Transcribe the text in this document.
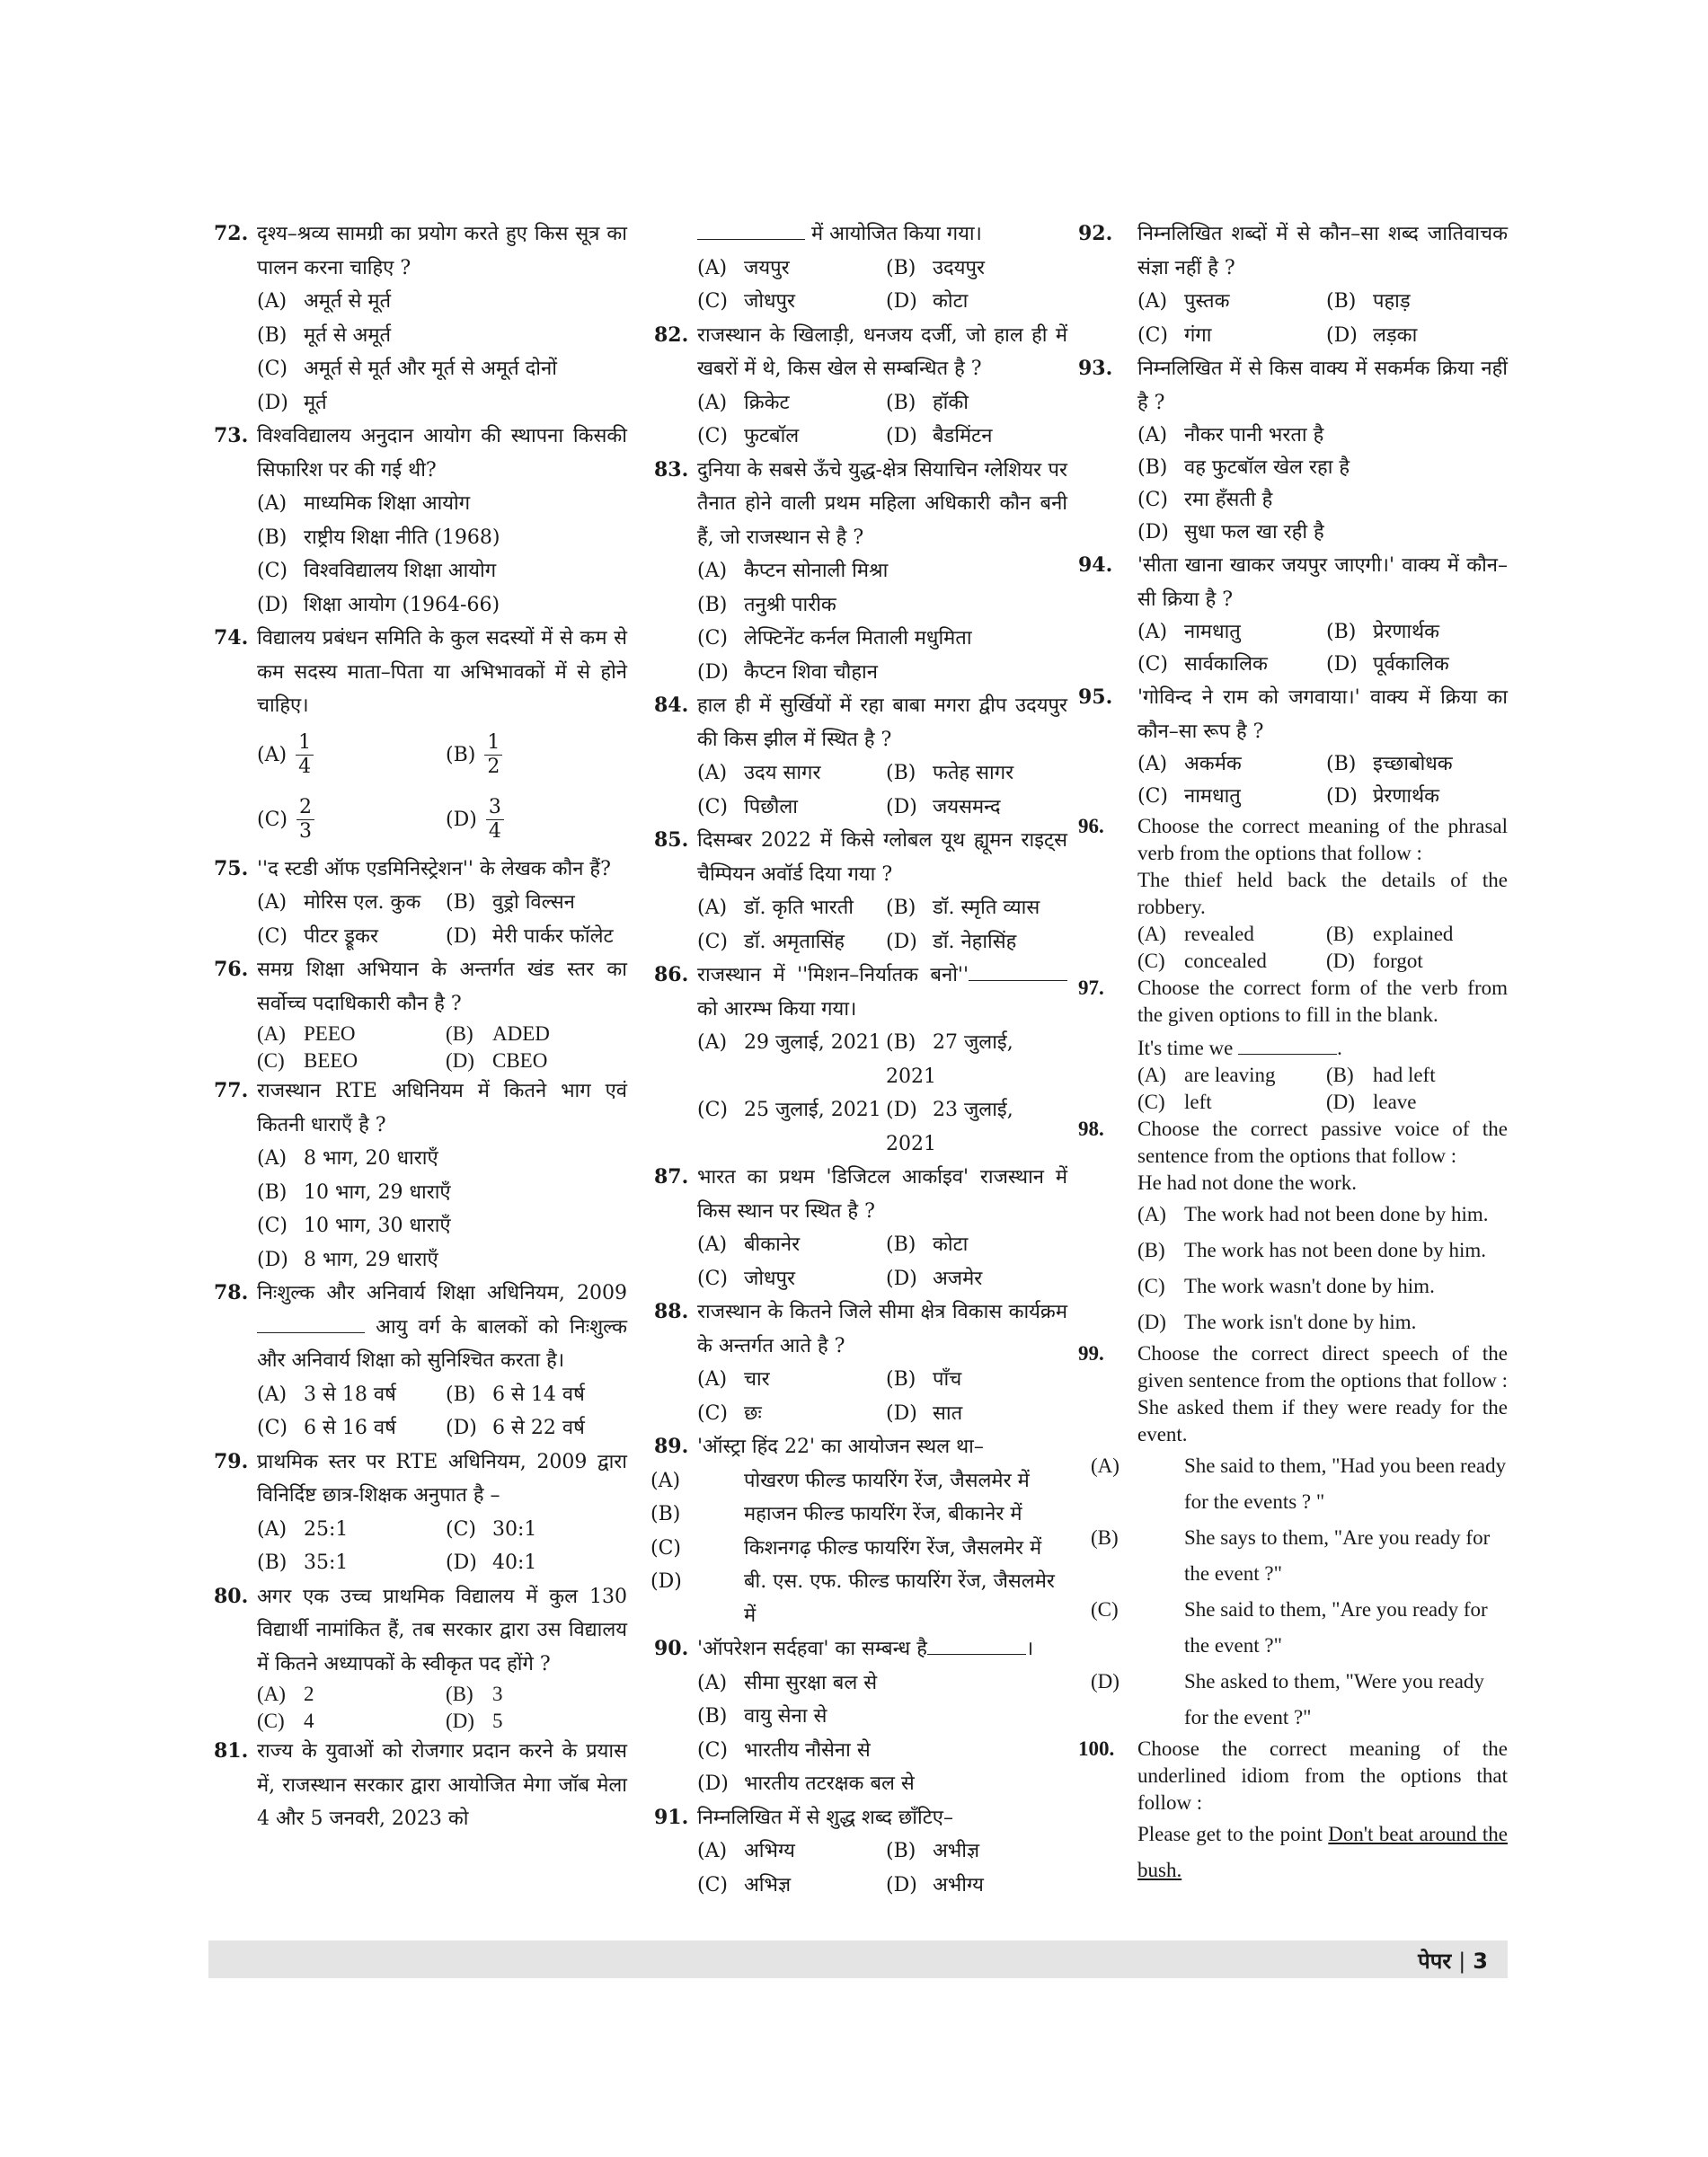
72. दृश्य–श्रव्य सामग्री का प्रयोग करते हुए किस सूत्र का पालन करना चाहिए ?
(A) अमूर्त से मूर्त
(B) मूर्त से अमूर्त
(C) अमूर्त से मूर्त और मूर्त से अमूर्त दोनों
(D) मूर्त
73. विश्वविद्यालय अनुदान आयोग की स्थापना किसकी सिफारिश पर की गई थी?
(A) माध्यमिक शिक्षा आयोग
(B) राष्ट्रीय शिक्षा नीति (1968)
(C) विश्वविद्यालय शिक्षा आयोग
(D) शिक्षा आयोग (1964-66)
74. विद्यालय प्रबंधन समिति के कुल सदस्यों में से कम से कम सदस्य माता–पिता या अभिभावकों में से होने चाहिए।
$(A) \frac{1}{4}$	$(B) \frac{1}{2}$
$(C) \frac{2}{3}$	$(D) \frac{3}{4}$
75. ''द स्टडी ऑफ एडमिनिस्ट्रेशन'' के लेखक कौन हैं?
(A) मोरिस एल. कुक	(B) वुड्रो विल्सन
(C) पीटर ड्रूकर	(D) मेरी पार्कर फॉलेट
76. समग्र शिक्षा अभियान के अन्तर्गत खंड स्तर का सर्वोच्च पदाधिकारी कौन है ?
(A) PEEO	(B) ADED
(C) BEEO	(D) CBEO
77. राजस्थान RTE अधिनियम में कितने भाग एवं कितनी धाराएँ है ?
(A) 8 भाग, 20 धाराएँ
(B) 10 भाग, 29 धाराएँ
(C) 10 भाग, 30 धाराएँ
(D) 8 भाग, 29 धाराएँ
78. निःशुल्क और अनिवार्य शिक्षा अधिनियम, 2009  आयु वर्ग के बालकों को निःशुल्क और अनिवार्य शिक्षा को सुनिश्चित करता है।
(A) 3 से 18 वर्ष	(B) 6 से 14 वर्ष
(C) 6 से 16 वर्ष	(D) 6 से 22 वर्ष
79. प्राथमिक स्तर पर RTE अधिनियम, 2009 द्वारा विनिर्दिष्ट छात्र-शिक्षक अनुपात है –
(A) 25:1	(C) 30:1
(B) 35:1	(D) 40:1
80. अगर एक उच्च प्राथमिक विद्यालय में कुल 130 विद्यार्थी नामांकित हैं, तब सरकार द्वारा उस विद्यालय में कितने अध्यापकों के स्वीकृत पद होंगे ?
(A) 2	(B) 3
(C) 4	(D) 5
81. राज्य के युवाओं को रोजगार प्रदान करने के प्रयास में, राजस्थान सरकार द्वारा आयोजित मेगा जॉब मेला 4 और 5 जनवरी, 2023 को
में आयोजित किया गया।
(A) जयपुर	(B) उदयपुर
(C) जोधपुर	(D) कोटा
82. राजस्थान के खिलाड़ी, धनजय दर्जी, जो हाल ही में खबरों में थे, किस खेल से सम्बन्धित है ?
(A) क्रिकेट	(B) हॉकी
(C) फुटबॉल	(D) बैडमिंटन
83. दुनिया के सबसे ऊँचे युद्ध-क्षेत्र सियाचिन ग्लेशियर पर तैनात होने वाली प्रथम महिला अधिकारी कौन बनी हैं, जो राजस्थान से है ?
(A) कैप्टन सोनाली मिश्रा
(B) तनुश्री पारीक
(C) लेफ्टिनेंट कर्नल मिताली मधुमिता
(D) कैप्टन शिवा चौहान
84. हाल ही में सुर्खियों में रहा बाबा मगरा द्वीप उदयपुर की किस झील में स्थित है ?
(A) उदय सागर	(B) फतेह सागर
(C) पिछौला	(D) जयसमन्द
85. दिसम्बर 2022 में किसे ग्लोबल यूथ ह्यूमन राइट्स चैम्पियन अवॉर्ड दिया गया ?
(A) डॉ. कृति भारती	(B) डॉ. स्मृति व्यास
(C) डॉ. अमृतासिंह	(D) डॉ. नेहासिंह
86. राजस्थान में ''मिशन–निर्यातक बनो'' को आरम्भ किया गया।
(A) 29 जुलाई, 2021 (B) 27 जुलाई, 2021
(C) 25 जुलाई, 2021 (D) 23 जुलाई, 2021
87. भारत का प्रथम 'डिजिटल आर्काइव' राजस्थान में किस स्थान पर स्थित है ?
(A) बीकानेर	(B) कोटा
(C) जोधपुर	(D) अजमेर
88. राजस्थान के कितने जिले सीमा क्षेत्र विकास कार्यक्रम के अन्तर्गत आते है ?
(A) चार	(B) पाँच
(C) छः	(D) सात
89. 'ऑस्ट्रा हिंद 22' का आयोजन स्थल था–
(A)	पोखरण फील्ड फायरिंग रेंज, जैसलमेर में
(B)	महाजन फील्ड फायरिंग रेंज, बीकानेर में
(C)	किशनगढ़ फील्ड फायरिंग रेंज, जैसलमेर में
(D)	बी. एस. एफ. फील्ड फायरिंग रेंज, जैसलमेर में
90. 'ऑपरेशन सर्दहवा' का सम्बन्ध है	।
(A) सीमा सुरक्षा बल से
(B) वायु सेना से
(C) भारतीय नौसेना से
(D) भारतीय तटरक्षक बल से
91. निम्नलिखित में से शुद्ध शब्द छाँटिए–
(A) अभिग्य	(B) अभीज्ञ
(C) अभिज्ञ	(D) अभीग्य
92.	निम्नलिखित शब्दों में से कौन–सा शब्द जातिवाचक संज्ञा नहीं है ?
(A) पुस्तक	(B) पहाड़
(C) गंगा	(D) लड़का
93.	निम्नलिखित में से किस वाक्य में सकर्मक क्रिया नहीं है ?
(A) नौकर पानी भरता है
(B) वह फुटबॉल खेल रहा है
(C) रमा हँसती है
(D) सुधा फल खा रही है
94.	'सीता खाना खाकर जयपुर जाएगी।' वाक्य में कौन–सी क्रिया है ?
(A) नामधातु	(B) प्रेरणार्थक
(C) सार्वकालिक	(D) पूर्वकालिक
95.	'गोविन्द ने राम को जगवाया।' वाक्य में क्रिया का कौन–सा रूप है ?
(A) अकर्मक	(B) इच्छाबोधक
(C) नामधातु	(D) प्रेरणार्थक
96.	Choose the correct meaning of the phrasal verb from the options that follow :
The thief held back the details of the robbery.
(A) revealed	(B) explained
(C) concealed	(D) forgot
97.	Choose the correct form of the verb from the given options to fill in the blank.
It's time we	.
(A) are leaving	(B) had left
(C) left	(D) leave
98.	Choose the correct passive voice of the sentence from the options that follow :
He had not done the work.
(A) The work had not been done by him.
(B) The work has not been done by him.
(C) The work wasn't done by him.
(D) The work isn't done by him.
99.	Choose the correct direct speech of the given sentence from the options that follow :
She asked them if they were ready for the event.
(A)	She said to them, "Had you been ready for the events ? "
(B)	She says to them, "Are you ready for the event ?"
(C)	She said to them, "Are you ready for the event ?"
(D)	She asked to them, "Were you ready for the event ?"
100.	Choose the correct meaning of the underlined idiom from the options that follow :
Please get to the point Don't beat around the bush.
पेपर | 3
